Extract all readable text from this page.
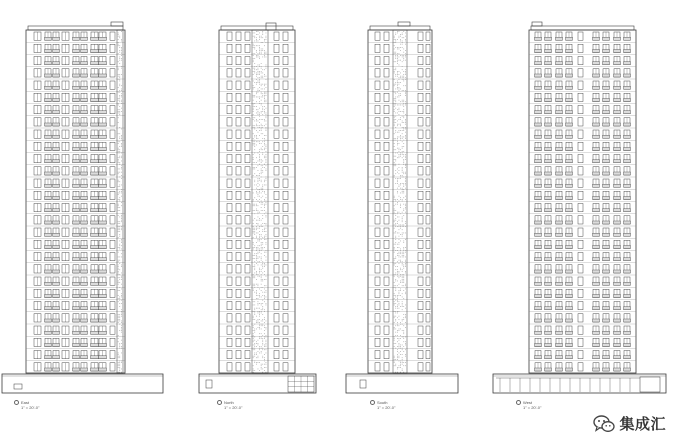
East
1" = 20'-0"
North
1" = 20'-0"
South
1" = 20'-0"
West
1" = 20'-0"
集成汇
